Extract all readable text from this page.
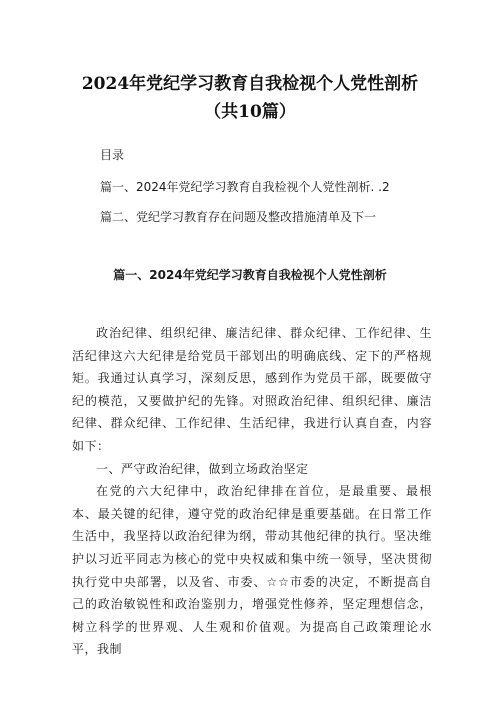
2024年党纪学习教育自我检视个人党性剖析（共10篇）
目录
篇一、2024年党纪学习教育自我检视个人党性剖析. .2
篇二、党纪学习教育存在问题及整改措施清单及下一
篇一、2024年党纪学习教育自我检视个人党性剖析

政治纪律、组织纪律、廉洁纪律、群众纪律、工作纪律、生活纪律这六大纪律是给党员干部划出的明确底线、定下的严格规矩。我通过认真学习，深刻反思，感到作为党员干部，既要做守纪的模范，又要做护纪的先锋。对照政治纪律、组织纪律、廉洁纪律、群众纪律、工作纪律、生活纪律，我进行认真自查，内容如下：

一、严守政治纪律，做到立场政治坚定

在党的六大纪律中，政治纪律排在首位，是最重要、最根本、最关键的纪律，遵守党的政治纪律是重要基础。在日常工作生活中，我坚持以政治纪律为纲，带动其他纪律的执行。坚决维护以习近平同志为核心的党中央权威和集中统一领导，坚决贯彻执行党中央部署，以及省、市委、☆☆市委的决定，不断提高自己的政治敏锐性和政治鉴别力，增强党性修养，坚定理想信念，树立科学的世界观、人生观和价值观。为提高自己政策理论水平，我制
